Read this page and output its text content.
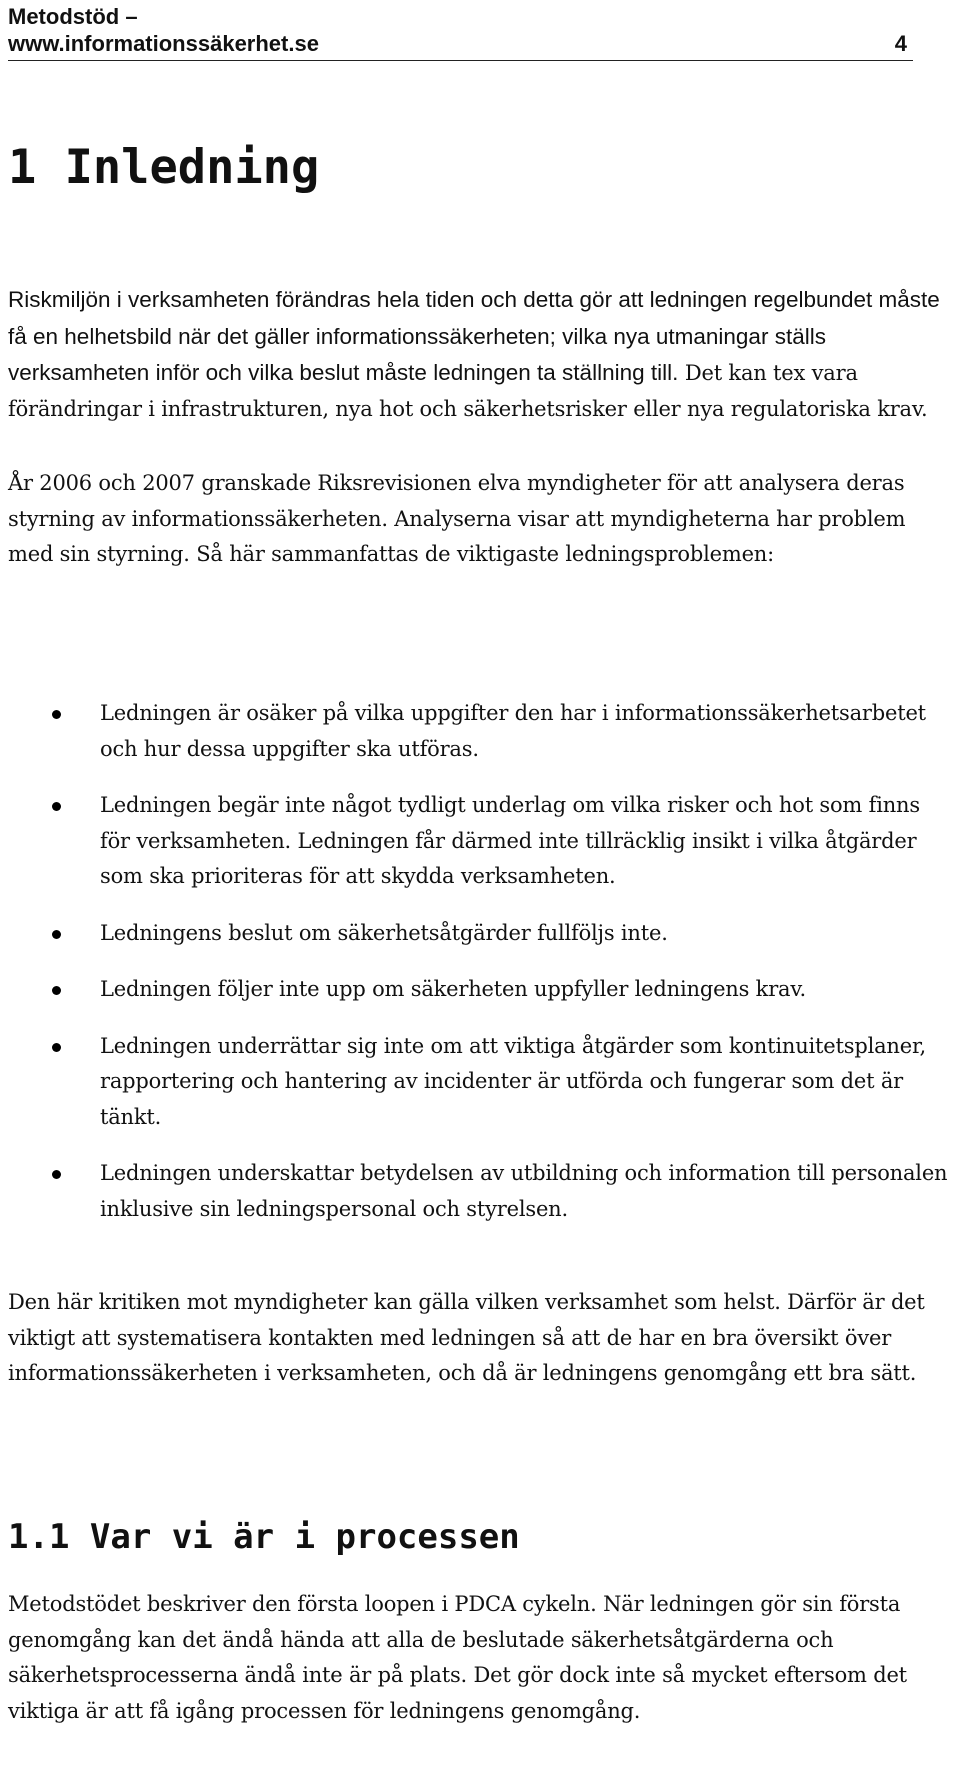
Metodstöd –
www.informationssäkerhet.se	4
1 Inledning

Riskmiljön i verksamheten förändras hela tiden och detta gör att ledningen regelbundet måste få en helhetsbild när det gäller informationssäkerheten; vilka nya utmaningar ställs verksamheten inför och vilka beslut måste ledningen ta ställning till. Det kan tex vara förändringar i infrastrukturen, nya hot och säkerhetsrisker eller nya regulatoriska krav.

År 2006 och 2007 granskade Riksrevisionen elva myndigheter för att analysera deras styrning av informationssäkerheten. Analyserna visar att myndigheterna har problem med sin styrning. Så här sammanfattas de viktigaste ledningsproblemen:

Ledningen är osäker på vilka uppgifter den har i informationssäkerhetsarbetet och hur dessa uppgifter ska utföras.
Ledningen begär inte något tydligt underlag om vilka risker och hot som finns för verksamheten. Ledningen får därmed inte tillräcklig insikt i vilka åtgärder som ska prioriteras för att skydda verksamheten.
Ledningens beslut om säkerhetsåtgärder fullföljs inte.
Ledningen följer inte upp om säkerheten uppfyller ledningens krav.
Ledningen underrättar sig inte om att viktiga åtgärder som kontinuitetsplaner, rapportering och hantering av incidenter är utförda och fungerar som det är tänkt.
Ledningen underskattar betydelsen av utbildning och information till personalen inklusive sin ledningspersonal och styrelsen.

Den här kritiken mot myndigheter kan gälla vilken verksamhet som helst. Därför är det viktigt att systematisera kontakten med ledningen så att de har en bra översikt över informationssäkerheten i verksamheten, och då är ledningens genomgång ett bra sätt.

1.1 Var vi är i processen

Metodstödet beskriver den första loopen i PDCA cykeln. När ledningen gör sin första genomgång kan det ändå hända att alla de beslutade säkerhetsåtgärderna och säkerhetsprocesserna ändå inte är på plats. Det gör dock inte så mycket eftersom det viktiga är att få igång processen för ledningens genomgång.
